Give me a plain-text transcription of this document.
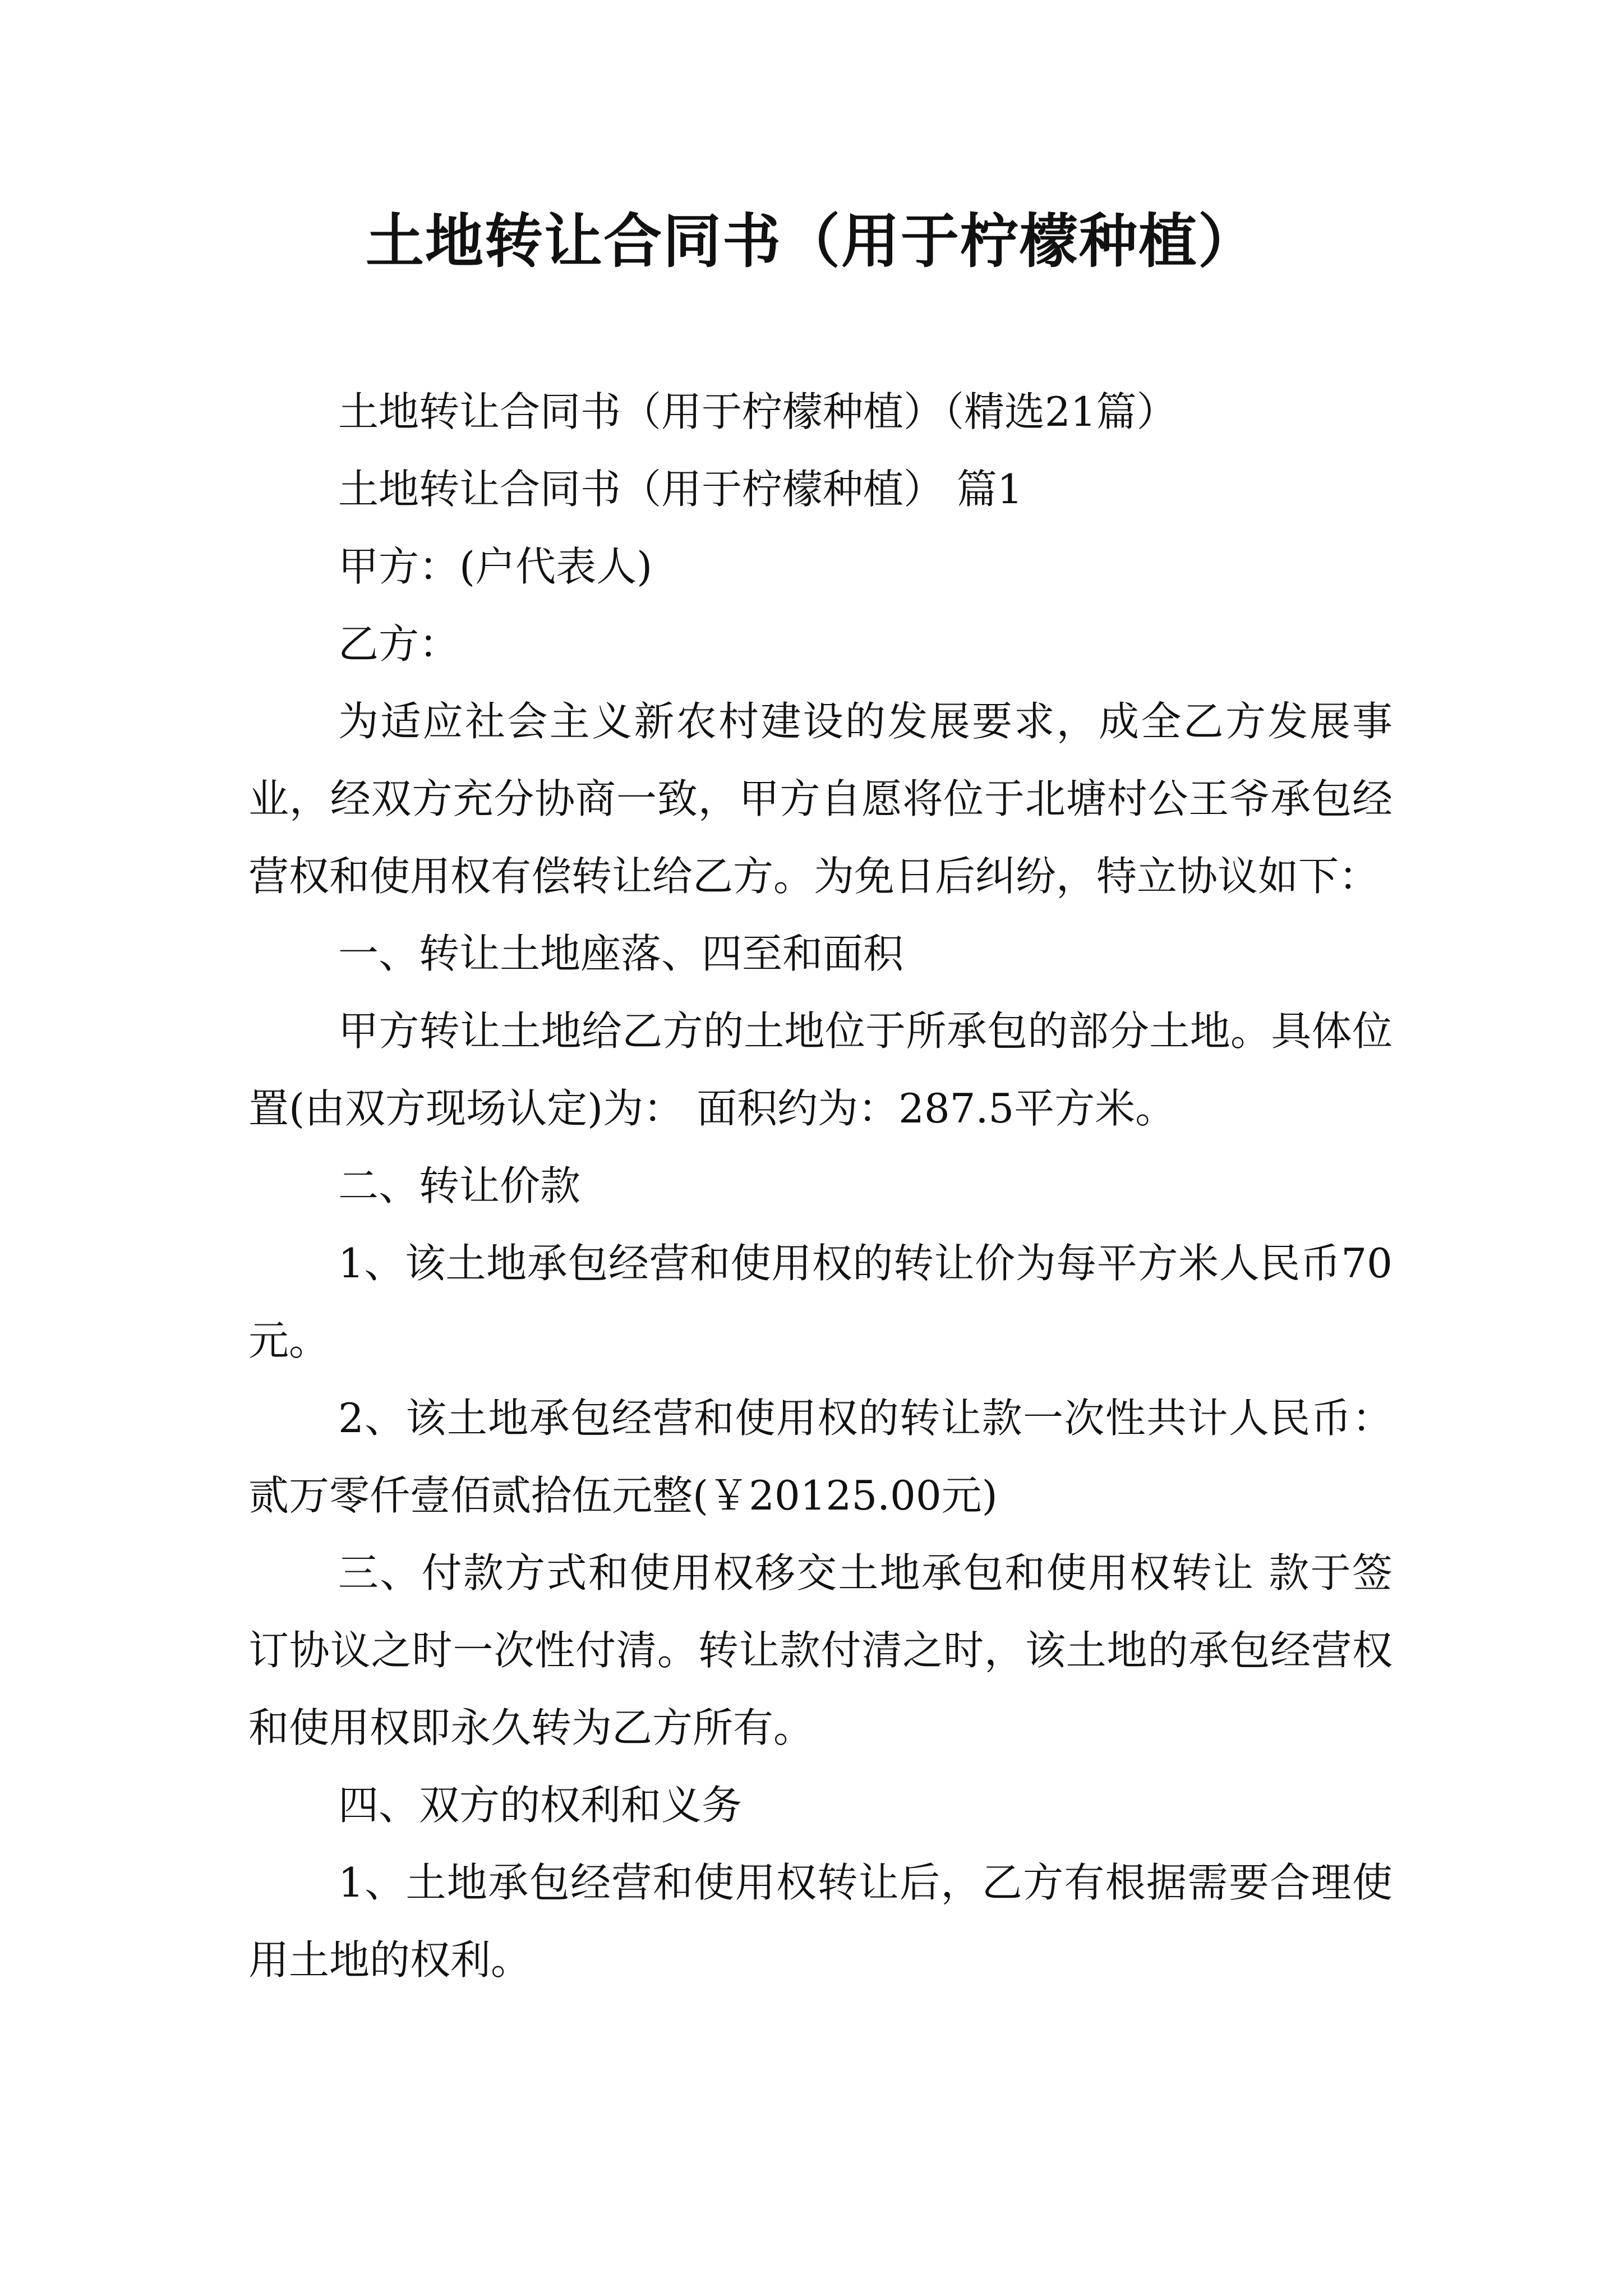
土地转让合同书（用于柠檬种植）

土地转让合同书（用于柠檬种植）（精选21篇）

土地转让合同书（用于柠檬种植） 篇1

甲方：(户代表人)

乙方：

为适应社会主义新农村建设的发展要求，成全乙方发展事业，经双方充分协商一致，甲方自愿将位于北塘村公王爷承包经营权和使用权有偿转让给乙方。为免日后纠纷，特立协议如下：

一、转让土地座落、四至和面积

甲方转让土地给乙方的土地位于所承包的部分土地。具体位置(由双方现场认定)为： 面积约为：287.5平方米。

二、转让价款

1、该土地承包经营和使用权的转让价为每平方米人民币70元。

2、该土地承包经营和使用权的转让款一次性共计人民币：贰万零仟壹佰贰拾伍元整(￥20125.00元)

三、付款方式和使用权移交土地承包和使用权转让 款于签订协议之时一次性付清。转让款付清之时，该土地的承包经营权和使用权即永久转为乙方所有。

四、双方的权利和义务

1、土地承包经营和使用权转让后，乙方有根据需要合理使用土地的权利。
